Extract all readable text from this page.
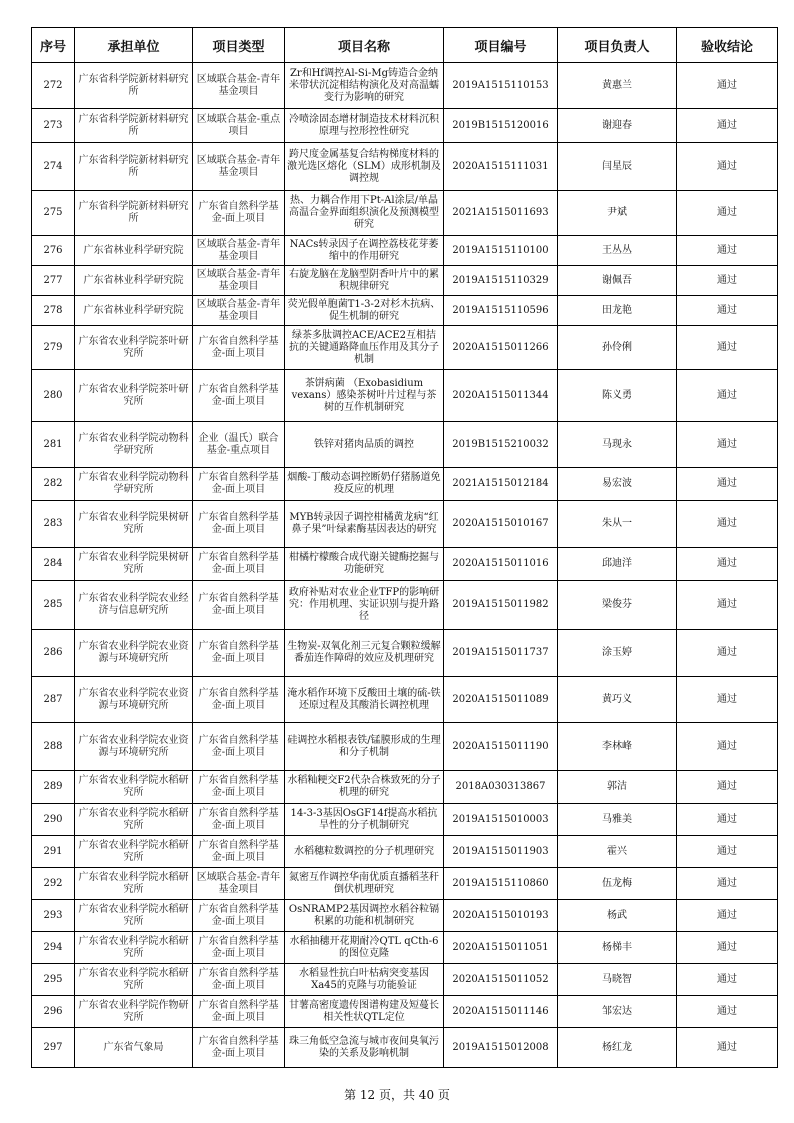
序号	承担单位	项目类型	项目名称	项目编号	项目负责人	验收结论
272	广东省科学院新材料研究所	区域联合基金-青年基金项目	Zr和Hf调控Al-Si-Mg铸造合金纳米带状沉淀相结构演化及对高温蠕变行为影响的研究	2019A1515110153	黄惠兰	通过
273	广东省科学院新材料研究所	区域联合基金-重点项目	冷喷涂固态增材制造技术材料沉积原理与控形控性研究	2019B1515120016	谢迎春	通过
274	广东省科学院新材料研究所	区域联合基金-青年基金项目	跨尺度金属基复合结构梯度材料的激光选区熔化（SLM）成形机制及调控规	2020A1515111031	闫星辰	通过
275	广东省科学院新材料研究所	广东省自然科学基金-面上项目	热、力耦合作用下Pt-Al涂层/单晶高温合金界面组织演化及预测模型研究	2021A1515011693	尹斌	通过
276	广东省林业科学研究院	区域联合基金-青年基金项目	NACs转录因子在调控荔枝花芽萎缩中的作用研究	2019A1515110100	王丛丛	通过
277	广东省林业科学研究院	区域联合基金-青年基金项目	右旋龙脑在龙脑型阴香叶片中的累积规律研究	2019A1515110329	谢佩吾	通过
278	广东省林业科学研究院	区域联合基金-青年基金项目	荧光假单胞菌T1-3-2对杉木抗病、促生机制的研究	2019A1515110596	田龙艳	通过
279	广东省农业科学院茶叶研究所	广东省自然科学基金-面上项目	绿茶多肽调控ACE/ACE2互相拮抗的关键通路降血压作用及其分子机制	2020A1515011266	孙伶俐	通过
280	广东省农业科学院茶叶研究所	广东省自然科学基金-面上项目	茶饼病菌 （Exobasidium vexans）感染茶树叶片过程与茶树的互作机制研究	2020A1515011344	陈义勇	通过
281	广东省农业科学院动物科学研究所	企业（温氏）联合基金-重点项目	铁锌对猪肉品质的调控	2019B1515210032	马现永	通过
282	广东省农业科学院动物科学研究所	广东省自然科学基金-面上项目	烟酸-丁酸动态调控断奶仔猪肠道免疫反应的机理	2021A1515012184	易宏波	通过
283	广东省农业科学院果树研究所	广东省自然科学基金-面上项目	MYB转录因子调控柑橘黄龙病“红鼻子果”叶绿素酶基因表达的研究	2020A1515010167	朱从一	通过
284	广东省农业科学院果树研究所	广东省自然科学基金-面上项目	柑橘柠檬酸合成代谢关键酶挖掘与功能研究	2020A1515011016	邱迪洋	通过
285	广东省农业科学院农业经济与信息研究所	广东省自然科学基金-面上项目	政府补贴对农业企业TFP的影响研究：作用机理、实证识别与提升路径	2019A1515011982	梁俊芬	通过
286	广东省农业科学院农业资源与环境研究所	广东省自然科学基金-面上项目	生物炭-双氧化剂三元复合颗粒缓解番茄连作障碍的效应及机理研究	2019A1515011737	涂玉婷	通过
287	广东省农业科学院农业资源与环境研究所	广东省自然科学基金-面上项目	淹水稻作环境下反酸田土壤的硫-铁还原过程及其酸消长调控机理	2020A1515011089	黄巧义	通过
288	广东省农业科学院农业资源与环境研究所	广东省自然科学基金-面上项目	硅调控水稻根表铁/锰膜形成的生理和分子机制	2020A1515011190	李林峰	通过
289	广东省农业科学院水稻研究所	广东省自然科学基金-面上项目	水稻籼粳交F2代杂合株致死的分子机理的研究	2018A030313867	郭洁	通过
290	广东省农业科学院水稻研究所	广东省自然科学基金-面上项目	14-3-3基因OsGF14f提高水稻抗旱性的分子机制研究	2019A1515010003	马雅美	通过
291	广东省农业科学院水稻研究所	广东省自然科学基金-面上项目	水稻穗粒数调控的分子机理研究	2019A1515011903	霍兴	通过
292	广东省农业科学院水稻研究所	区域联合基金-青年基金项目	氮密互作调控华南优质直播稻茎秆倒伏机理研究	2019A1515110860	伍龙梅	通过
293	广东省农业科学院水稻研究所	广东省自然科学基金-面上项目	OsNRAMP2基因调控水稻谷粒镉积累的功能和机制研究	2020A1515010193	杨武	通过
294	广东省农业科学院水稻研究所	广东省自然科学基金-面上项目	水稻抽穗开花期耐冷QTL qCth-6的图位克隆	2020A1515011051	杨梯丰	通过
295	广东省农业科学院水稻研究所	广东省自然科学基金-面上项目	水稻显性抗白叶枯病突变基因Xa45的克隆与功能验证	2020A1515011052	马晓智	通过
296	广东省农业科学院作物研究所	广东省自然科学基金-面上项目	甘薯高密度遗传图谱构建及短蔓长相关性状QTL定位	2020A1515011146	邹宏达	通过
297	广东省气象局	广东省自然科学基金-面上项目	珠三角低空急流与城市夜间臭氧污染的关系及影响机制	2019A1515012008	杨红龙	通过
第 12 页，共 40 页
